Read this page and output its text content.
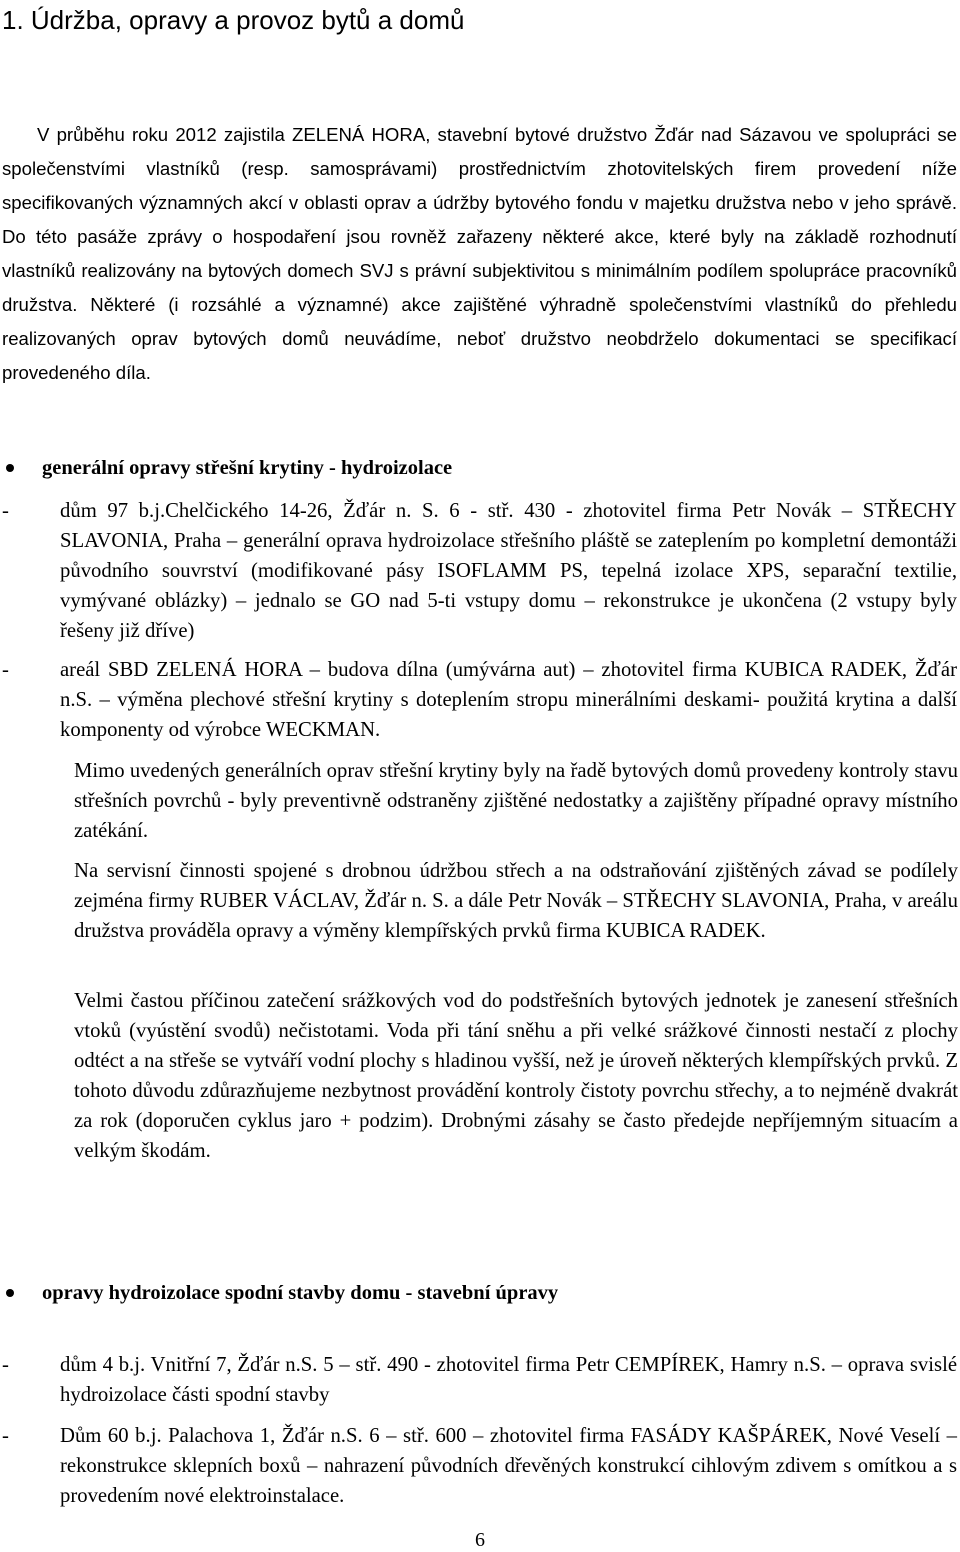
1. Údržba, opravy a provoz bytů a domů

V průběhu roku 2012 zajistila ZELENÁ HORA, stavební bytové družstvo Žďár nad Sázavou ve spolupráci se společenstvími vlastníků (resp. samosprávami) prostřednictvím zhotovitelských firem provedení níže specifikovaných významných akcí v oblasti oprav a údržby bytového fondu v majetku družstva nebo v jeho správě. Do této pasáže zprávy o hospodaření jsou rovněž zařazeny některé akce, které byly na základě rozhodnutí vlastníků realizovány na bytových domech SVJ s právní subjektivitou s minimálním podílem spolupráce pracovníků družstva. Některé (i rozsáhlé a významné) akce zajištěné výhradně společenstvími vlastníků do přehledu realizovaných oprav bytových domů neuvádíme, neboť družstvo neobdrželo dokumentaci se specifikací provedeného díla.

generální opravy střešní krytiny - hydroizolace
- dům 97 b.j.Chelčického 14-26, Žďár n. S. 6 - stř. 430 - zhotovitel firma Petr Novák – STŘECHY SLAVONIA, Praha – generální oprava hydroizolace střešního pláště se zateplením po kompletní demontáži původního souvrství (modifikované pásy ISOFLAMM PS, tepelná izolace XPS, separační textilie, vymývané oblázky) – jednalo se GO nad 5-ti vstupy domu – rekonstrukce je ukončena (2 vstupy byly řešeny již dříve)

- areál SBD ZELENÁ HORA – budova dílna (umývárna aut) – zhotovitel firma KUBICA RADEK, Žďár n.S. – výměna plechové střešní krytiny s doteplením stropu minerálními deskami- použitá krytina a další komponenty od výrobce WECKMAN.

Mimo uvedených generálních oprav střešní krytiny byly na řadě bytových domů provedeny kontroly stavu střešních povrchů - byly preventivně odstraněny zjištěné nedostatky a zajištěny případné opravy místního zatékání.

Na servisní činnosti spojené s drobnou údržbou střech a na odstraňování zjištěných závad se podílely zejména firmy RUBER VÁCLAV, Žďár n. S. a dále Petr Novák – STŘECHY SLAVONIA, Praha, v areálu družstva prováděla opravy a výměny klempířských prvků firma KUBICA RADEK.

Velmi častou příčinou zatečení srážkových vod do podstřešních bytových jednotek je zanesení střešních vtoků (vyústění svodů) nečistotami. Voda při tání sněhu a při velké srážkové činnosti nestačí z plochy odtéct a na střeše se vytváří vodní plochy s hladinou vyšší, než je úroveň některých klempířských prvků. Z tohoto důvodu zdůrazňujeme nezbytnost provádění kontroly čistoty povrchu střechy, a to nejméně dvakrát za rok (doporučen cyklus jaro + podzim). Drobnými zásahy se často předejde nepříjemným situacím a velkým škodám.

opravy hydroizolace spodní stavby domu - stavební úpravy
- dům 4 b.j. Vnitřní 7, Žďár n.S. 5 – stř. 490 - zhotovitel firma Petr CEMPÍREK, Hamry n.S. – oprava svislé hydroizolace části spodní stavby

- Dům 60 b.j. Palachova 1, Žďár n.S. 6 – stř. 600 – zhotovitel firma FASÁDY KAŠPÁREK, Nové Veselí – rekonstrukce sklepních boxů – nahrazení původních dřevěných konstrukcí cihlovým zdivem s omítkou a s provedením nové elektroinstalace.

6
